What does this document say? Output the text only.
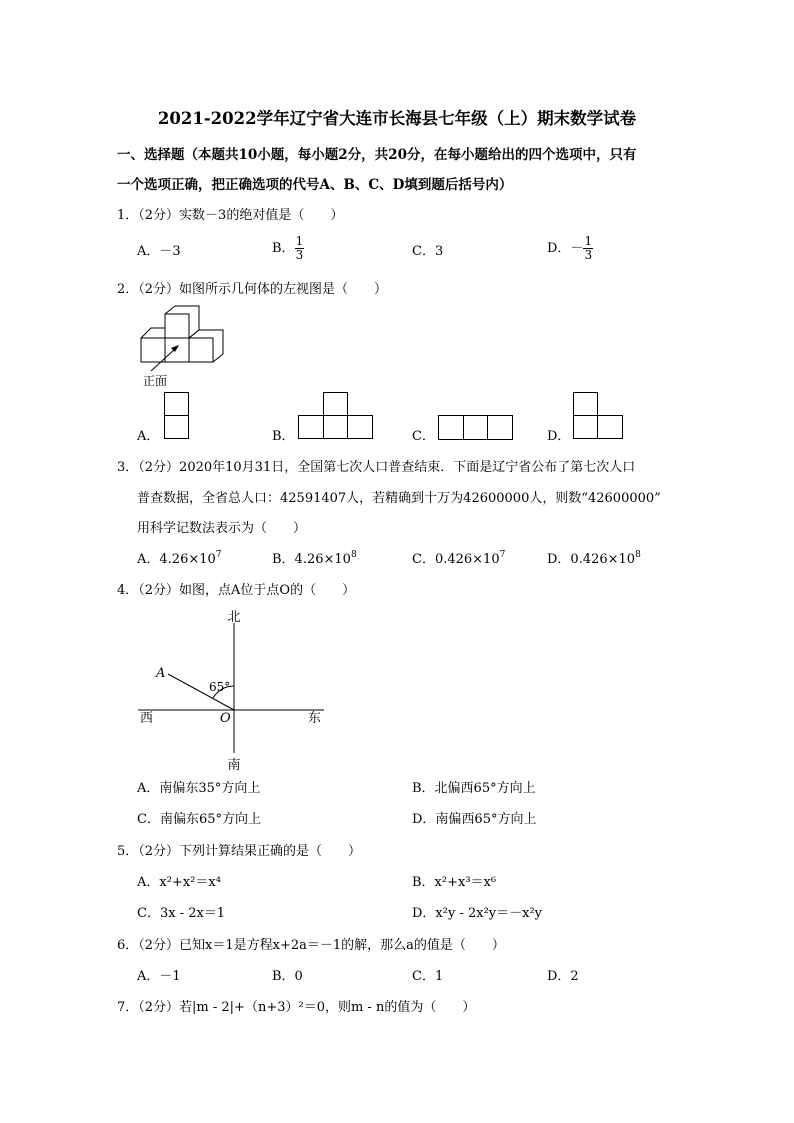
2021-2022学年辽宁省大连市长海县七年级（上）期末数学试卷
一、选择题（本题共10小题，每小题2分，共20分，在每小题给出的四个选项中，只有
一个选项正确，把正确选项的代号A、B、C、D填到题后括号内）
1．（2分）实数－3的绝对值是（　　）
A．－3	B． $\frac{1}{3}$	C．3	D．－ $\frac{1}{3}$
2．（2分）如图所示几何体的左视图是（　　）
正面
A．	B．	C．	D．
3．（2分）2020年10月31日，全国第七次人口普查结束．下面是辽宁省公布了第七次人口
普查数据，全省总人口：42591407人，若精确到十万为42600000人，则数“42600000”
用科学记数法表示为（　　）
A．$4.26\times 10^7$	B．$4.26\times 10^8$	C．$0.426\times 10^7$	D．$0.426\times 10^8$
4．（2分）如图，点A位于点O的（　　）
北
南
东
西
A
O
65°
A．南偏东35°方向上	B．北偏西65°方向上
C．南偏东65°方向上	D．南偏西65°方向上
5．（2分）下列计算结果正确的是（　　）
A．x²+x²＝x⁴	B．x²+x³＝x⁶
C．3x - 2x＝1	D．x²y - 2x²y＝－x²y
6．（2分）已知x＝1是方程x+2a＝－1的解，那么a的值是（　　）
A．－1	B．0	C．1	D．2
7．（2分）若|m - 2|+（n+3）²＝0，则m - n的值为（　　）
